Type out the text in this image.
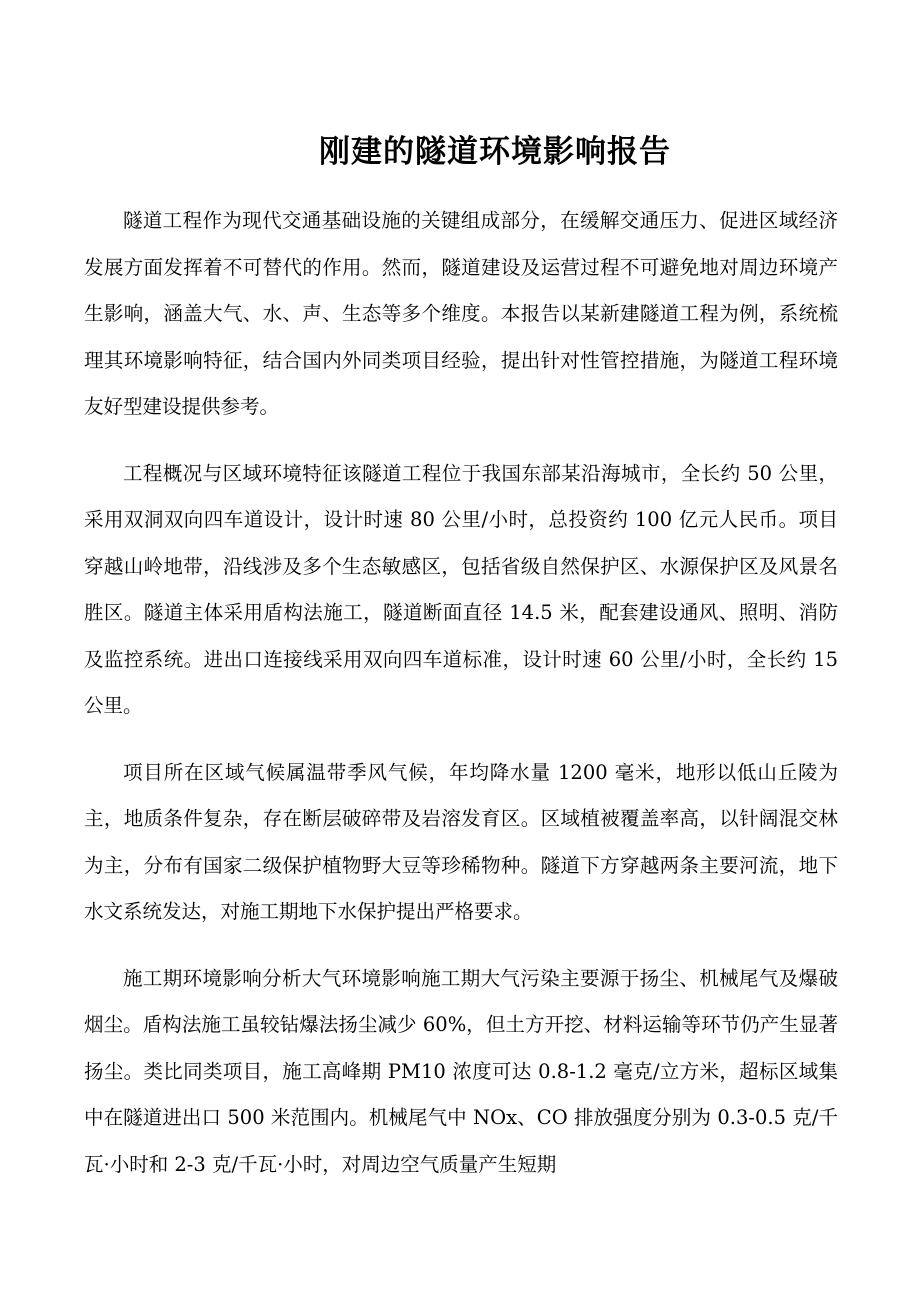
刚建的隧道环境影响报告

隧道工程作为现代交通基础设施的关键组成部分，在缓解交通压力、促进区域经济发展方面发挥着不可替代的作用。然而，隧道建设及运营过程不可避免地对周边环境产生影响，涵盖大气、水、声、生态等多个维度。本报告以某新建隧道工程为例，系统梳理其环境影响特征，结合国内外同类项目经验，提出针对性管控措施，为隧道工程环境友好型建设提供参考。

工程概况与区域环境特征该隧道工程位于我国东部某沿海城市，全长约 50 公里，采用双洞双向四车道设计，设计时速 80 公里/小时，总投资约 100 亿元人民币。项目穿越山岭地带，沿线涉及多个生态敏感区，包括省级自然保护区、水源保护区及风景名胜区。隧道主体采用盾构法施工，隧道断面直径 14.5 米，配套建设通风、照明、消防及监控系统。进出口连接线采用双向四车道标准，设计时速 60 公里/小时，全长约 15 公里。

项目所在区域气候属温带季风气候，年均降水量 1200 毫米，地形以低山丘陵为主，地质条件复杂，存在断层破碎带及岩溶发育区。区域植被覆盖率高，以针阔混交林为主，分布有国家二级保护植物野大豆等珍稀物种。隧道下方穿越两条主要河流，地下水文系统发达，对施工期地下水保护提出严格要求。

施工期环境影响分析大气环境影响施工期大气污染主要源于扬尘、机械尾气及爆破烟尘。盾构法施工虽较钻爆法扬尘减少 60%，但土方开挖、材料运输等环节仍产生显著扬尘。类比同类项目，施工高峰期 PM10 浓度可达 0.8-1.2 毫克/立方米，超标区域集中在隧道进出口 500 米范围内。机械尾气中 NOx、CO 排放强度分别为 0.3-0.5 克/千瓦·小时和 2-3 克/千瓦·小时，对周边空气质量产生短期
